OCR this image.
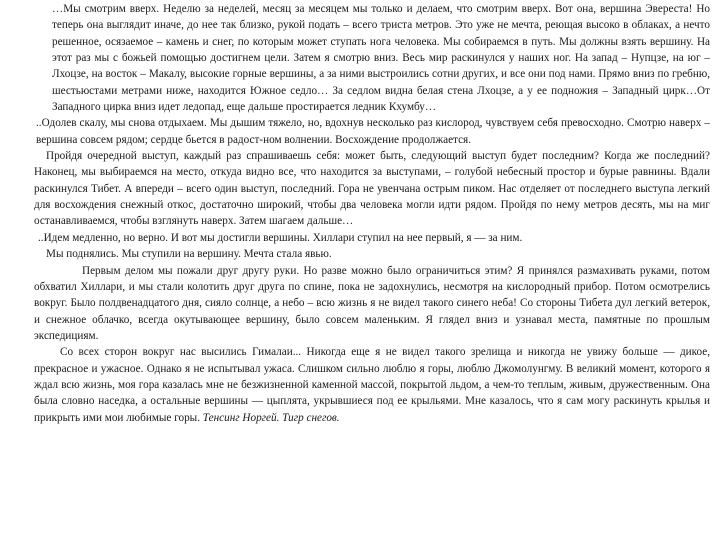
…Мы смотрим вверх. Неделю за неделей, месяц за месяцем мы только и делаем, что смотрим вверх. Вот она, вершина Эвереста! Но теперь она выглядит иначе, до нее так близко, рукой подать – всего триста метров. Это уже не мечта, реющая высоко в облаках, а нечто решенное, осязаемое – камень и снег, по которым может ступать нога человека. Мы собираемся в путь. Мы должны взять вершину. На этот раз мы с божьей помощью достигнем цели. Затем я смотрю вниз. Весь мир раскинулся у наших ног. На запад – Нупцзе, на юг – Лхоцзе, на восток – Макалу, высокие горные вершины, а за ними выстроились сотни других, и все они под нами. Прямо вниз по гребню, шестьюстами метрами ниже, находится Южное седло… За седлом видна белая стена Лхоцзе, а у ее подножия – Западный цирк…От Западного цирка вниз идет ледопад, еще дальше простирается ледник Кхумбу…

..Одолев скалу, мы снова отдыхаем. Мы дышим тяжело, но, вдохнув несколько раз кислород, чувствуем себя превосходно. Смотрю наверх – вершина совсем рядом; сердце бьется в радост-ном волнении. Восхождение продолжается.

Пройдя очередной выступ, каждый раз спрашиваешь себя: может быть, следующий выступ будет последним? Когда же последний? Наконец, мы выбираемся на место, откуда видно все, что находится за выступами, – голубой небесный простор и бурые равнины. Вдали раскинулся Тибет. А впереди – всего один выступ, последний. Гора не увенчана острым пиком. Нас отделяет от последнего выступа легкий для восхождения снежный откос, достаточно широкий, чтобы два человека могли идти рядом. Пройдя по нему метров десять, мы на миг останавливаемся, чтобы взглянуть наверх. Затем шагаем дальше…

..Идем медленно, но верно. И вот мы достигли вершины. Хиллари ступил на нее первый, я — за ним.

Мы поднялись. Мы ступили на вершину. Мечта стала явью.

Первым делом мы пожали друг другу руки. Но разве можно было ограничиться этим? Я принялся размахивать руками, потом обхватил Хиллари, и мы стали колотить друг друга по спине, пока не задохнулись, несмотря на кислородный прибор. Потом осмотрелись вокруг. Было полдвенадцатого дня, сияло солнце, а небо – всю жизнь я не видел такого синего неба! Со стороны Тибета дул легкий ветерок, и снежное облачко, всегда окутывающее вершину, было совсем маленьким. Я глядел вниз и узнавал места, памятные по прошлым экспедициям.

Со всех сторон вокруг нас высились Гималаи... Никогда еще я не видел такого зрелища и никогда не увижу больше — дикое, прекрасное и ужасное. Однако я не испытывал ужаса. Слишком сильно люблю я горы, люблю Джомолунгму. В великий момент, которого я ждал всю жизнь, моя гора казалась мне не безжизненной каменной массой, покрытой льдом, а чем-то теплым, живым, дружественным. Она была словно наседка, а остальные вершины — цыплята, укрывшиеся под ее крыльями. Мне казалось, что я сам могу раскинуть крылья и прикрыть ими мои любимые горы. Тенсинг Норгей. Тигр снегов.
